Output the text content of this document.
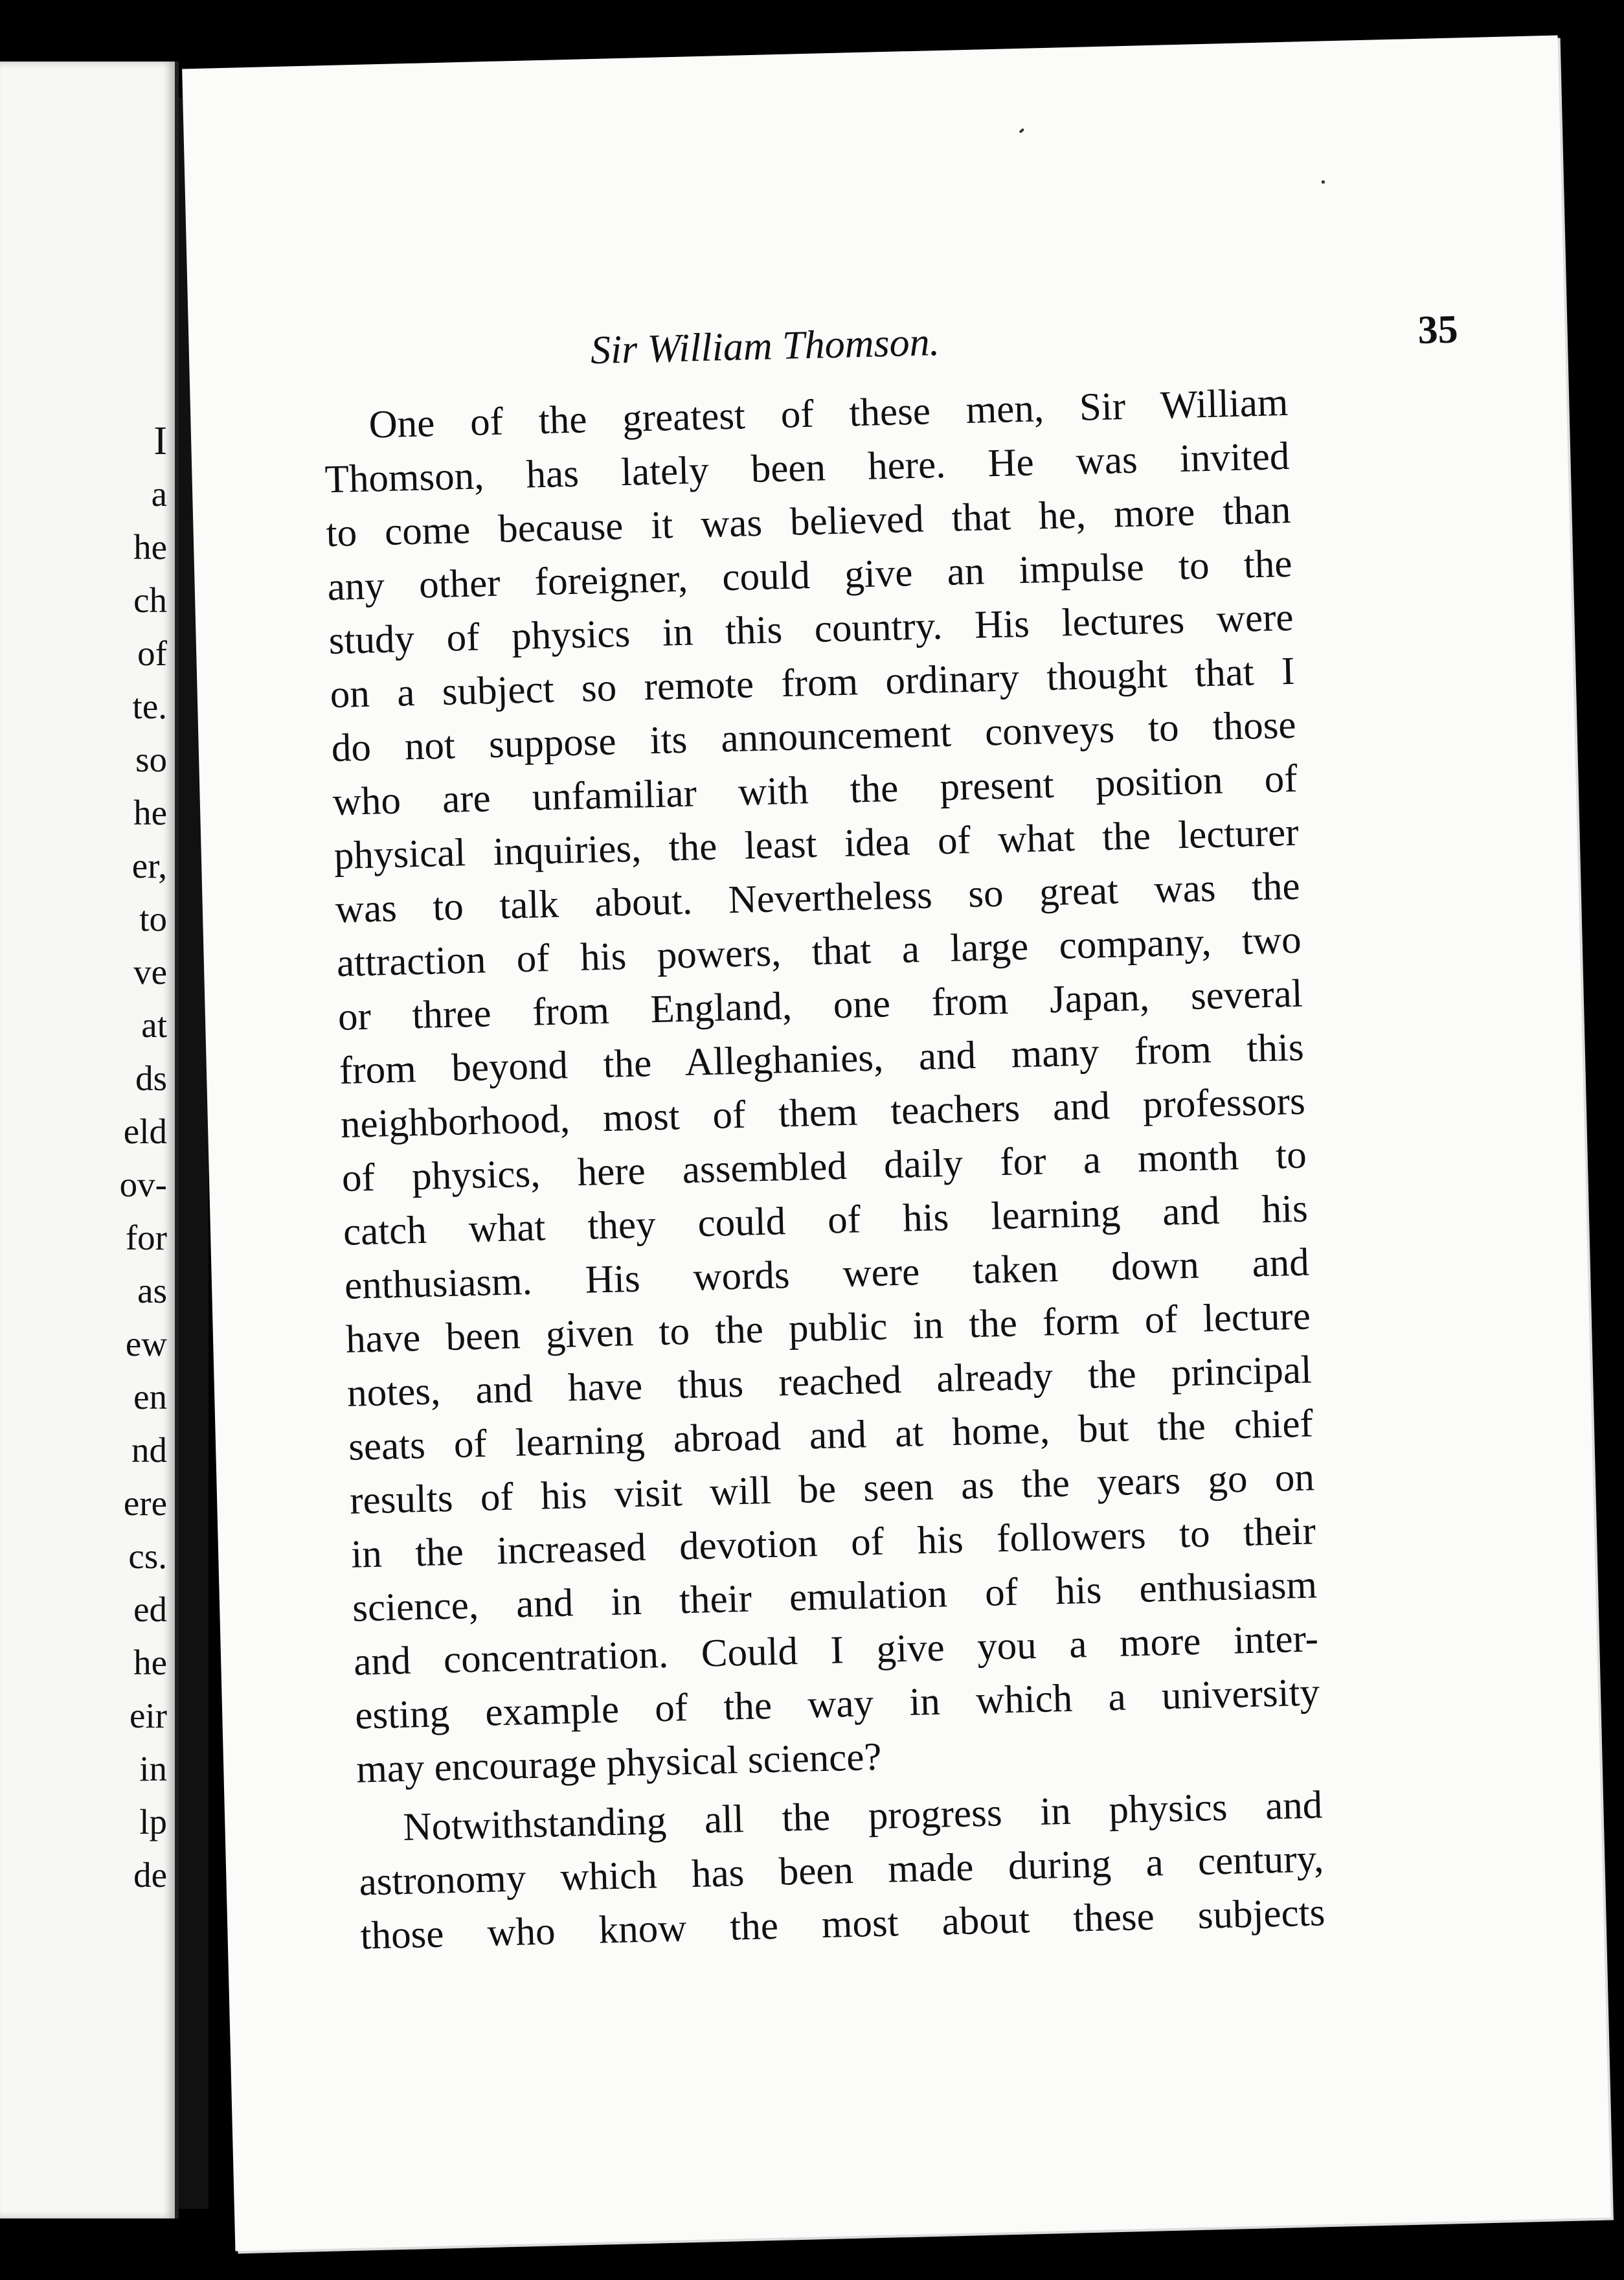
I
a
he
ch
of
te.
so
he
er,
to
ve
at
ds
eld
ov-
for
as
ew
en
nd
ere
cs.
ed
he
eir
in
lp
de
Sir William Thomson.	35
One of the greatest of these men, Sir William
Thomson, has lately been here. He was invited
to come because it was believed that he, more than
any other foreigner, could give an impulse to the
study of physics in this country. His lectures were
on a subject so remote from ordinary thought that I
do not suppose its announcement conveys to those
who are unfamiliar with the present position of
physical inquiries, the least idea of what the lecturer
was to talk about. Nevertheless so great was the
attraction of his powers, that a large company, two
or three from England, one from Japan, several
from beyond the Alleghanies, and many from this
neighborhood, most of them teachers and professors
of physics, here assembled daily for a month to
catch what they could of his learning and his
enthusiasm. His words were taken down and
have been given to the public in the form of lecture
notes, and have thus reached already the principal
seats of learning abroad and at home, but the chief
results of his visit will be seen as the years go on
in the increased devotion of his followers to their
science, and in their emulation of his enthusiasm
and concentration. Could I give you a more inter-
esting example of the way in which a university
may encourage physical science?
Notwithstanding all the progress in physics and
astronomy which has been made during a century,
those who know the most about these subjects
